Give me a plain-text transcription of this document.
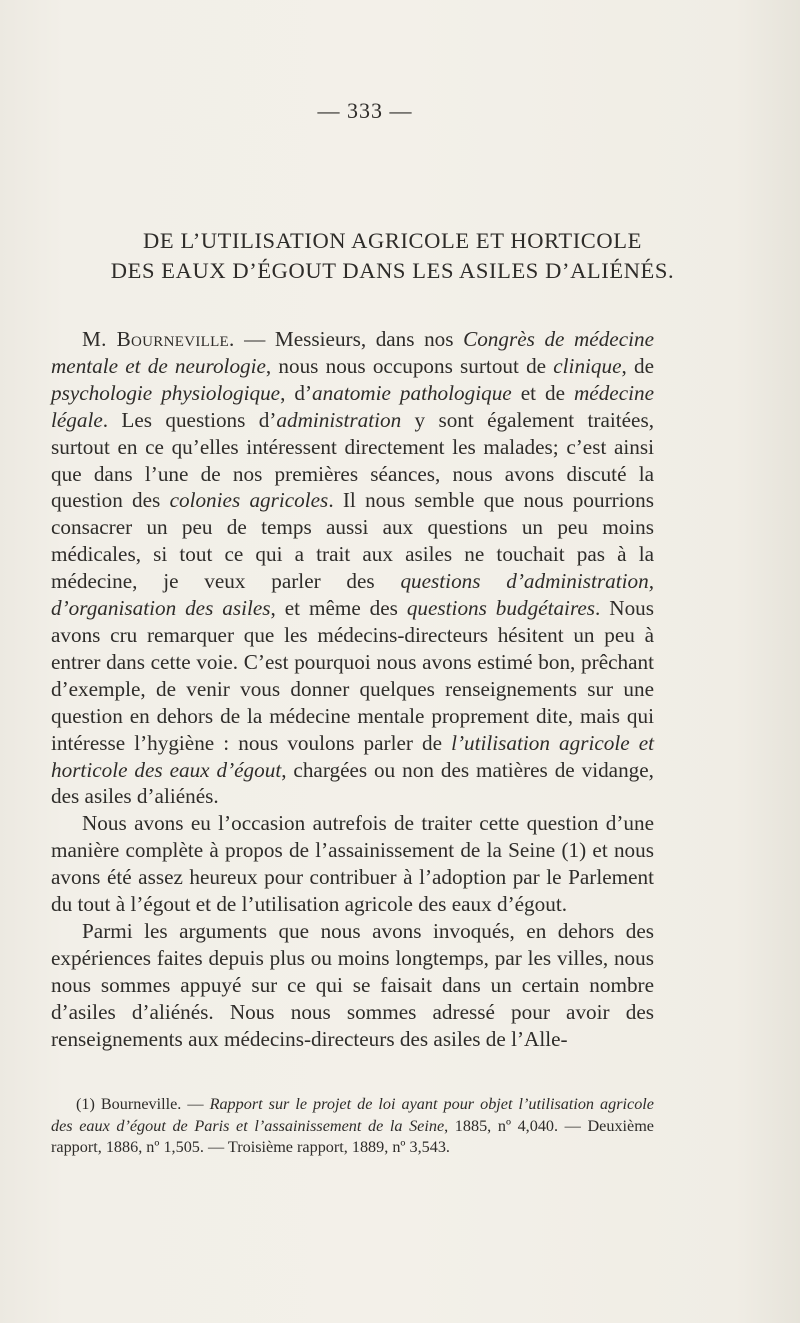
— 333 —
DE L’UTILISATION AGRICOLE ET HORTICOLE
DES EAUX D’ÉGOUT DANS LES ASILES D’ALIÉNÉS.

M. Bourneville. — Messieurs, dans nos Congrès de médecine mentale et de neurologie, nous nous occupons surtout de clinique, de psychologie physiologique, d’anatomie pathologique et de médecine légale. Les questions d’administration y sont également traitées, surtout en ce qu’elles intéressent directement les malades; c’est ainsi que dans l’une de nos premières séances, nous avons discuté la question des colonies agricoles. Il nous semble que nous pourrions consacrer un peu de temps aussi aux questions un peu moins médicales, si tout ce qui a trait aux asiles ne touchait pas à la médecine, je veux parler des questions d’administration, d’organisation des asiles, et même des questions budgétaires. Nous avons cru remarquer que les médecins-directeurs hésitent un peu à entrer dans cette voie. C’est pourquoi nous avons estimé bon, prêchant d’exemple, de venir vous donner quelques renseignements sur une question en dehors de la médecine mentale proprement dite, mais qui intéresse l’hygiène : nous voulons parler de l’utilisation agricole et horticole des eaux d’égout, chargées ou non des matières de vidange, des asiles d’aliénés.

Nous avons eu l’occasion autrefois de traiter cette question d’une manière complète à propos de l’assainissement de la Seine (1) et nous avons été assez heureux pour contribuer à l’adoption par le Parlement du tout à l’égout et de l’utilisation agricole des eaux d’égout.

Parmi les arguments que nous avons invoqués, en dehors des expériences faites depuis plus ou moins longtemps, par les villes, nous nous sommes appuyé sur ce qui se faisait dans un certain nombre d’asiles d’aliénés. Nous nous sommes adressé pour avoir des renseignements aux médecins-directeurs des asiles de l’Alle-

(1) Bourneville. — Rapport sur le projet de loi ayant pour objet l’utilisation agricole des eaux d’égout de Paris et l’assainissement de la Seine, 1885, nº 4,040. — Deuxième rapport, 1886, nº 1,505. — Troisième rapport, 1889, nº 3,543.
